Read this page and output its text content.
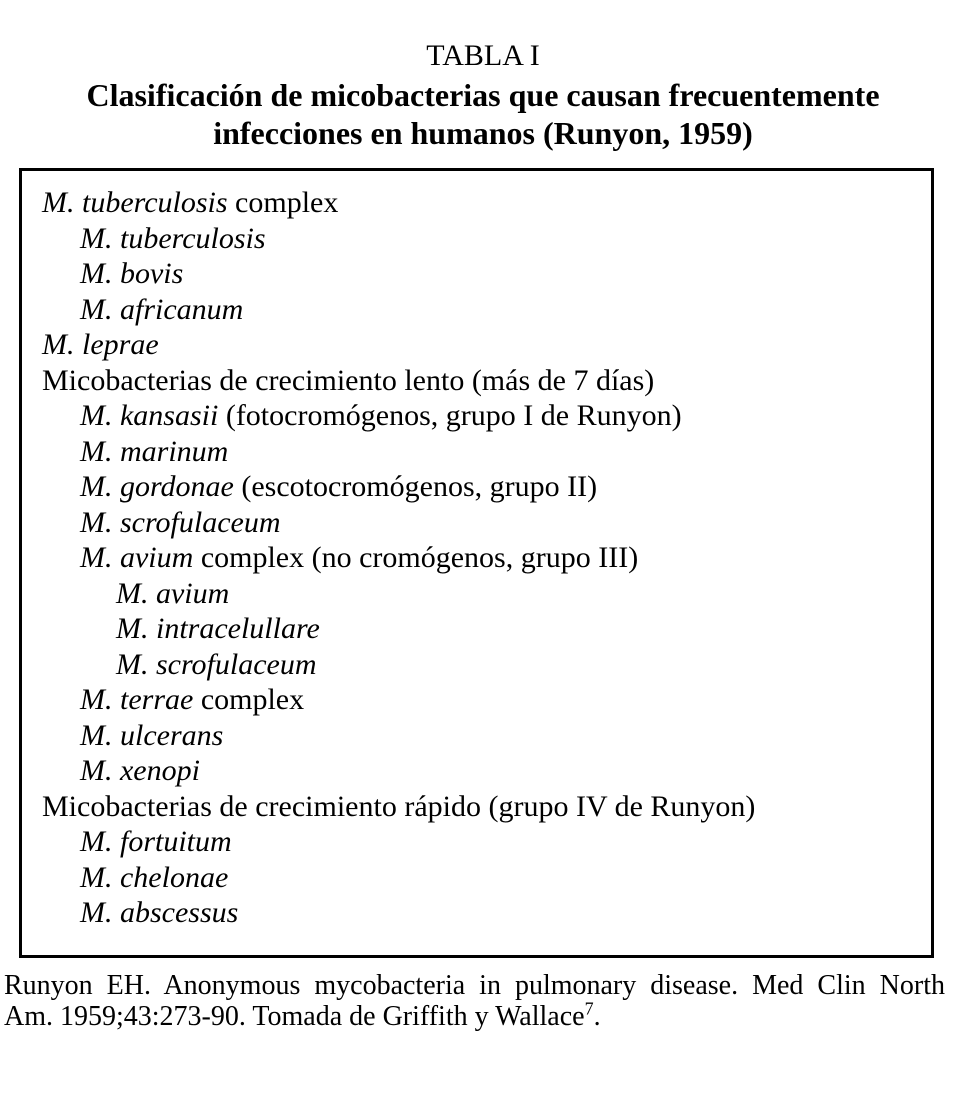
TABLA I
Clasificación de micobacterias que causan frecuentemente
infecciones en humanos (Runyon, 1959)
M. tuberculosis complex
M. tuberculosis
M. bovis
M. africanum
M. leprae
Micobacterias de crecimiento lento (más de 7 días)
M. kansasii (fotocromógenos, grupo I de Runyon)
M. marinum
M. gordonae (escotocromógenos, grupo II)
M. scrofulaceum
M. avium complex (no cromógenos, grupo III)
M. avium
M. intracelullare
M. scrofulaceum
M. terrae complex
M. ulcerans
M. xenopi
Micobacterias de crecimiento rápido (grupo IV de Runyon)
M. fortuitum
M. chelonae
M. abscessus
Runyon EH. Anonymous mycobacteria in pulmonary disease. Med Clin North
Am. 1959;43:273-90. Tomada de Griffith y Wallace$^7$.
